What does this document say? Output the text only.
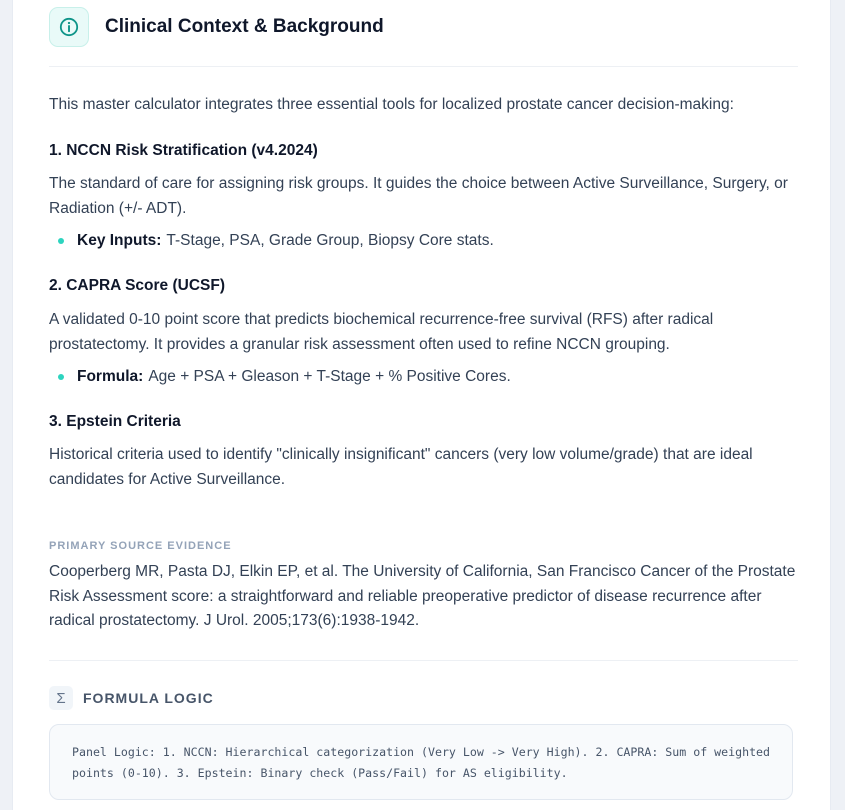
Clinical Context & Background
This master calculator integrates three essential tools for localized prostate cancer decision-making:
1. NCCN Risk Stratification (v4.2024)
The standard of care for assigning risk groups. It guides the choice between Active Surveillance, Surgery, or Radiation (+/- ADT).
Key Inputs: T-Stage, PSA, Grade Group, Biopsy Core stats.
2. CAPRA Score (UCSF)
A validated 0-10 point score that predicts biochemical recurrence-free survival (RFS) after radical prostatectomy. It provides a granular risk assessment often used to refine NCCN grouping.
Formula: Age + PSA + Gleason + T-Stage + % Positive Cores.
3. Epstein Criteria
Historical criteria used to identify "clinically insignificant" cancers (very low volume/grade) that are ideal candidates for Active Surveillance.
PRIMARY SOURCE EVIDENCE
Cooperberg MR, Pasta DJ, Elkin EP, et al. The University of California, San Francisco Cancer of the Prostate Risk Assessment score: a straightforward and reliable preoperative predictor of disease recurrence after radical prostatectomy. J Urol. 2005;173(6):1938-1942.
Σ	FORMULA LOGIC
Panel Logic: 1. NCCN: Hierarchical categorization (Very Low -> Very High). 2. CAPRA: Sum of weighted points (0-10). 3. Epstein: Binary check (Pass/Fail) for AS eligibility.
